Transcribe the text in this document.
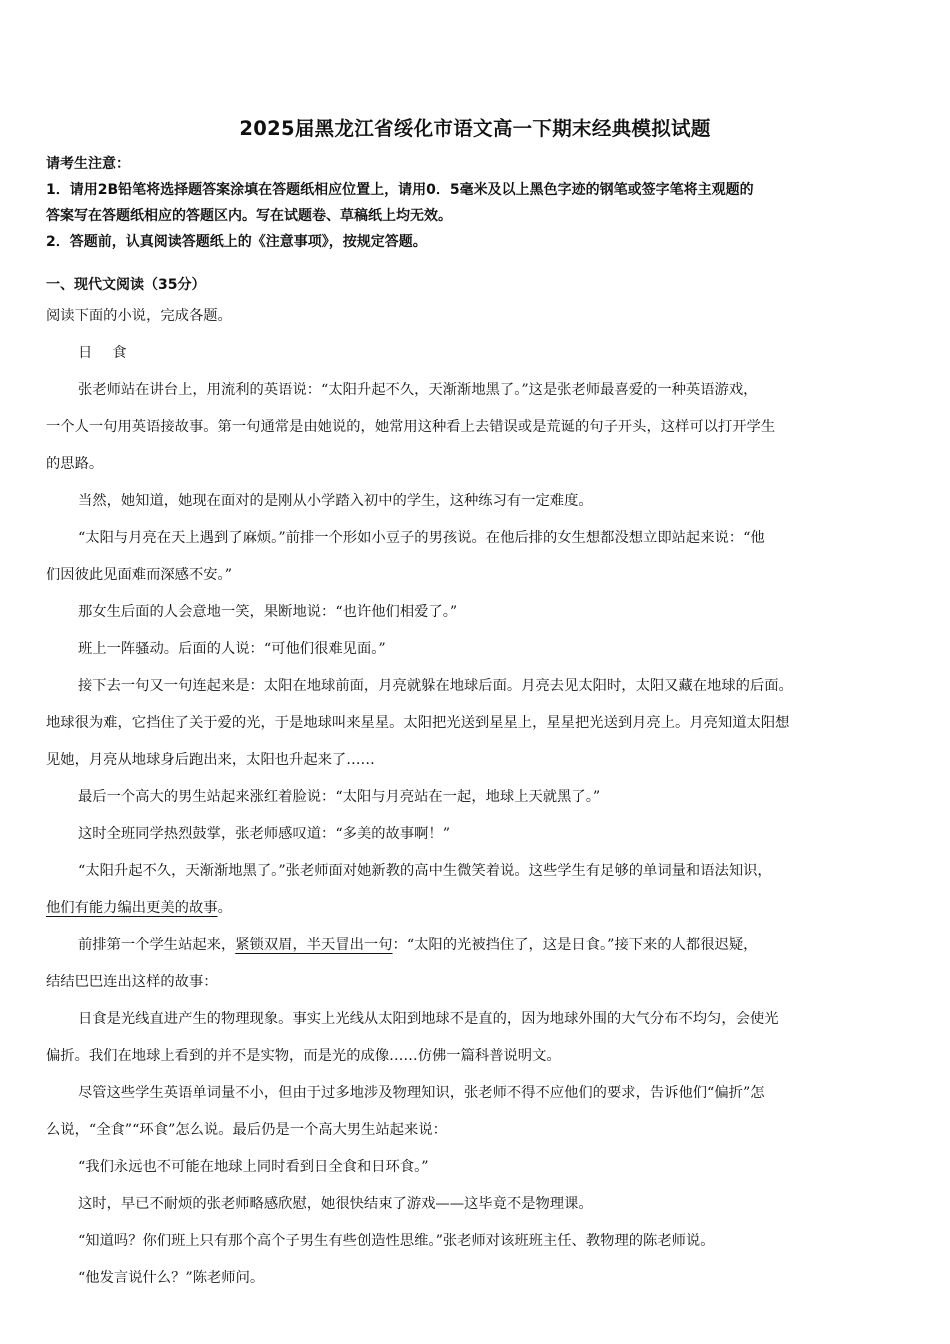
2025届黑龙江省绥化市语文高一下期末经典模拟试题
请考生注意：
1．请用2B铅笔将选择题答案涂填在答题纸相应位置上，请用0．5毫米及以上黑色字迹的钢笔或签字笔将主观题的
答案写在答题纸相应的答题区内。写在试题卷、草稿纸上均无效。
2．答题前，认真阅读答题纸上的《注意事项》，按规定答题。
一、现代文阅读（35分）
阅读下面的小说，完成各题。
日食
张老师站在讲台上，用流利的英语说：“太阳升起不久，天渐渐地黑了。”这是张老师最喜爱的一种英语游戏，
一个人一句用英语接故事。第一句通常是由她说的，她常用这种看上去错误或是荒诞的句子开头，这样可以打开学生
的思路。
当然，她知道，她现在面对的是刚从小学踏入初中的学生，这种练习有一定难度。
“太阳与月亮在天上遇到了麻烦。”前排一个形如小豆子的男孩说。在他后排的女生想都没想立即站起来说：“他
们因彼此见面难而深感不安。”
那女生后面的人会意地一笑，果断地说：“也许他们相爱了。”
班上一阵骚动。后面的人说：“可他们很难见面。”
接下去一句又一句连起来是：太阳在地球前面，月亮就躲在地球后面。月亮去见太阳时，太阳又藏在地球的后面。
地球很为难，它挡住了关于爱的光，于是地球叫来星星。太阳把光送到星星上，星星把光送到月亮上。月亮知道太阳想
见她，月亮从地球身后跑出来，太阳也升起来了……
最后一个高大的男生站起来涨红着脸说：“太阳与月亮站在一起，地球上天就黑了。”
这时全班同学热烈鼓掌，张老师感叹道：“多美的故事啊！”
“太阳升起不久，天渐渐地黑了。”张老师面对她新教的高中生微笑着说。这些学生有足够的单词量和语法知识，
他们有能力编出更美的故事。
前排第一个学生站起来，紧锁双眉，半天冒出一句：“太阳的光被挡住了，这是日食。”接下来的人都很迟疑，
结结巴巴连出这样的故事：
日食是光线直进产生的物理现象。事实上光线从太阳到地球不是直的，因为地球外围的大气分布不均匀，会使光
偏折。我们在地球上看到的并不是实物，而是光的成像……仿佛一篇科普说明文。
尽管这些学生英语单词量不小，但由于过多地涉及物理知识，张老师不得不应他们的要求，告诉他们“偏折”怎
么说，“全食”“环食”怎么说。最后仍是一个高大男生站起来说：
“我们永远也不可能在地球上同时看到日全食和日环食。”
这时，早已不耐烦的张老师略感欣慰，她很快结束了游戏——这毕竟不是物理课。
“知道吗？你们班上只有那个高个子男生有些创造性思维。”张老师对该班班主任、教物理的陈老师说。
“他发言说什么？”陈老师问。
